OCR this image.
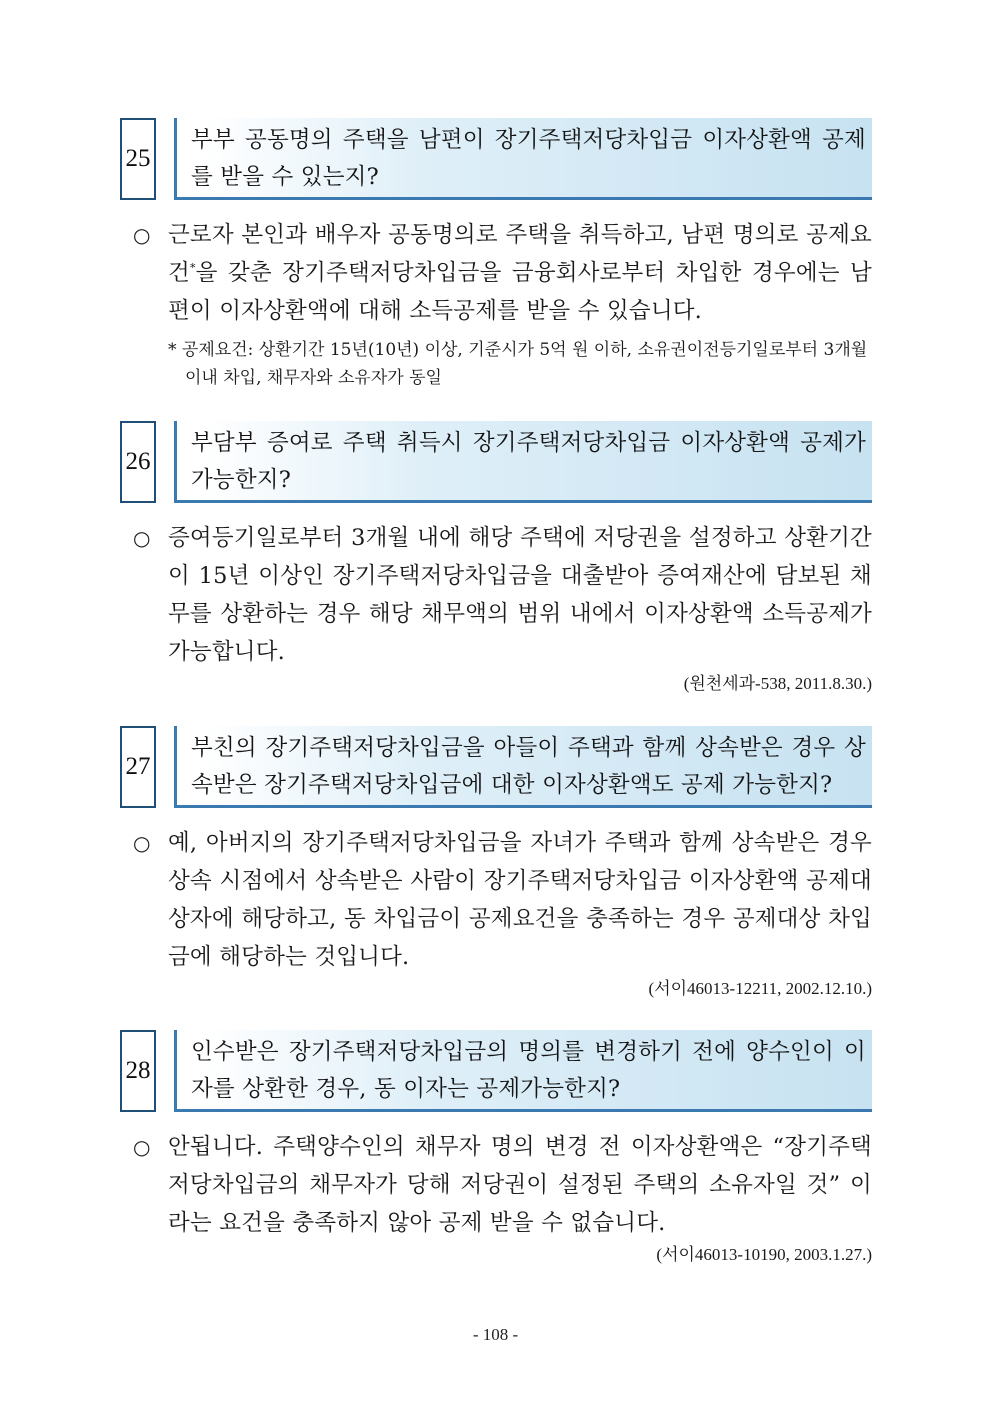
25
부부 공동명의 주택을 남편이 장기주택저당차입금 이자상환액 공제를 받을 수 있는지?
○ 근로자 본인과 배우자 공동명의로 주택을 취득하고, 남편 명의로 공제요건*을 갖춘 장기주택저당차입금을 금융회사로부터 차입한 경우에는 남편이 이자상환액에 대해 소득공제를 받을 수 있습니다.
* 공제요건: 상환기간 15년(10년) 이상, 기준시가 5억 원 이하, 소유권이전등기일로부터 3개월 이내 차입, 채무자와 소유자가 동일
26
부담부 증여로 주택 취득시 장기주택저당차입금 이자상환액 공제가 가능한지?
○ 증여등기일로부터 3개월 내에 해당 주택에 저당권을 설정하고 상환기간이 15년 이상인 장기주택저당차입금을 대출받아 증여재산에 담보된 채무를 상환하는 경우 해당 채무액의 범위 내에서 이자상환액 소득공제가 가능합니다.
(원천세과-538, 2011.8.30.)
27
부친의 장기주택저당차입금을 아들이 주택과 함께 상속받은 경우 상속받은 장기주택저당차입금에 대한 이자상환액도 공제 가능한지?
○ 예, 아버지의 장기주택저당차입금을 자녀가 주택과 함께 상속받은 경우 상속 시점에서 상속받은 사람이 장기주택저당차입금 이자상환액 공제대상자에 해당하고, 동 차입금이 공제요건을 충족하는 경우 공제대상 차입금에 해당하는 것입니다.
(서이46013-12211, 2002.12.10.)
28
인수받은 장기주택저당차입금의 명의를 변경하기 전에 양수인이 이자를 상환한 경우, 동 이자는 공제가능한지?
○ 안됩니다. 주택양수인의 채무자 명의 변경 전 이자상환액은 “장기주택저당차입금의 채무자가 당해 저당권이 설정된 주택의 소유자일 것” 이라는 요건을 충족하지 않아 공제 받을 수 없습니다.
(서이46013-10190, 2003.1.27.)
- 108 -
